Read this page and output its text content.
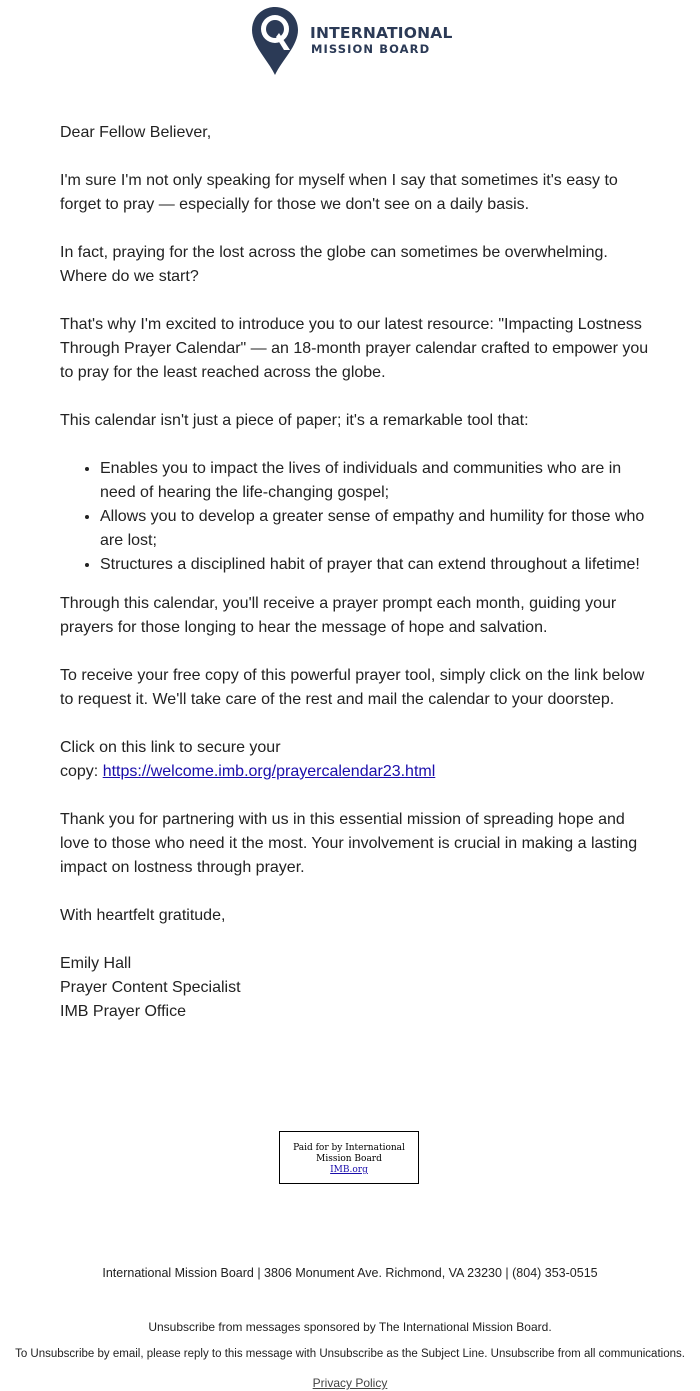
INTERNATIONAL
MISSION BOARD

Dear Fellow Believer,

I'm sure I'm not only speaking for myself when I say that sometimes it's easy to forget to pray — especially for those we don't see on a daily basis.

In fact, praying for the lost across the globe can sometimes be overwhelming. Where do we start?

That's why I'm excited to introduce you to our latest resource: "Impacting Lostness Through Prayer Calendar" — an 18-month prayer calendar crafted to empower you to pray for the least reached across the globe.

This calendar isn't just a piece of paper; it's a remarkable tool that:

• Enables you to impact the lives of individuals and communities who are in need of hearing the life-changing gospel;
• Allows you to develop a greater sense of empathy and humility for those who are lost;
• Structures a disciplined habit of prayer that can extend throughout a lifetime!

Through this calendar, you'll receive a prayer prompt each month, guiding your prayers for those longing to hear the message of hope and salvation.

To receive your free copy of this powerful prayer tool, simply click on the link below to request it. We'll take care of the rest and mail the calendar to your doorstep.

Click on this link to secure your
copy: https://welcome.imb.org/prayercalendar23.html

Thank you for partnering with us in this essential mission of spreading hope and love to those who need it the most. Your involvement is crucial in making a lasting impact on lostness through prayer.

With heartfelt gratitude,

Emily Hall
Prayer Content Specialist
IMB Prayer Office

Paid for by International
Mission Board
IMB.org
International Mission Board | 3806 Monument Ave. Richmond, VA 23230 | (804) 353-0515
Unsubscribe from messages sponsored by The International Mission Board.
To Unsubscribe by email, please reply to this message with Unsubscribe as the Subject Line. Unsubscribe from all communications.
Privacy Policy
